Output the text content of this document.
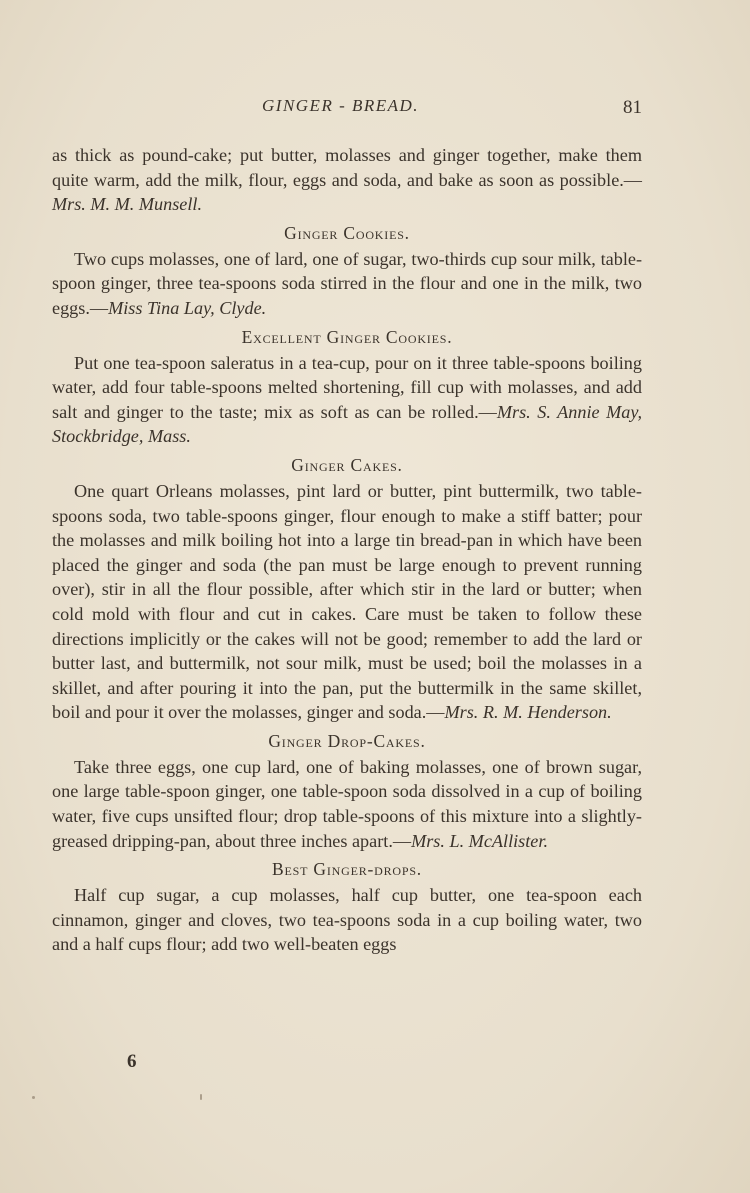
GINGER - BREAD.	81

as thick as pound-cake; put butter, molasses and ginger together, make them quite warm, add the milk, flour, eggs and soda, and bake as soon as possible.—Mrs. M. M. Munsell.

Ginger Cookies.

Two cups molasses, one of lard, one of sugar, two-thirds cup sour milk, table-spoon ginger, three tea-spoons soda stirred in the flour and one in the milk, two eggs.—Miss Tina Lay, Clyde.

Excellent Ginger Cookies.

Put one tea-spoon saleratus in a tea-cup, pour on it three table-spoons boiling water, add four table-spoons melted shortening, fill cup with molasses, and add salt and ginger to the taste; mix as soft as can be rolled.—Mrs. S. Annie May, Stockbridge, Mass.

Ginger Cakes.

One quart Orleans molasses, pint lard or butter, pint buttermilk, two table-spoons soda, two table-spoons ginger, flour enough to make a stiff batter; pour the molasses and milk boiling hot into a large tin bread-pan in which have been placed the ginger and soda (the pan must be large enough to prevent running over), stir in all the flour possible, after which stir in the lard or butter; when cold mold with flour and cut in cakes. Care must be taken to follow these directions implicitly or the cakes will not be good; remember to add the lard or butter last, and buttermilk, not sour milk, must be used; boil the molasses in a skillet, and after pouring it into the pan, put the buttermilk in the same skillet, boil and pour it over the molasses, ginger and soda.—Mrs. R. M. Henderson.

Ginger Drop-Cakes.

Take three eggs, one cup lard, one of baking molasses, one of brown sugar, one large table-spoon ginger, one table-spoon soda dissolved in a cup of boiling water, five cups unsifted flour; drop table-spoons of this mixture into a slightly-greased dripping-pan, about three inches apart.—Mrs. L. McAllister.

Best Ginger-drops.

Half cup sugar, a cup molasses, half cup butter, one tea-spoon each cinnamon, ginger and cloves, two tea-spoons soda in a cup boiling water, two and a half cups flour; add two well-beaten eggs

6
